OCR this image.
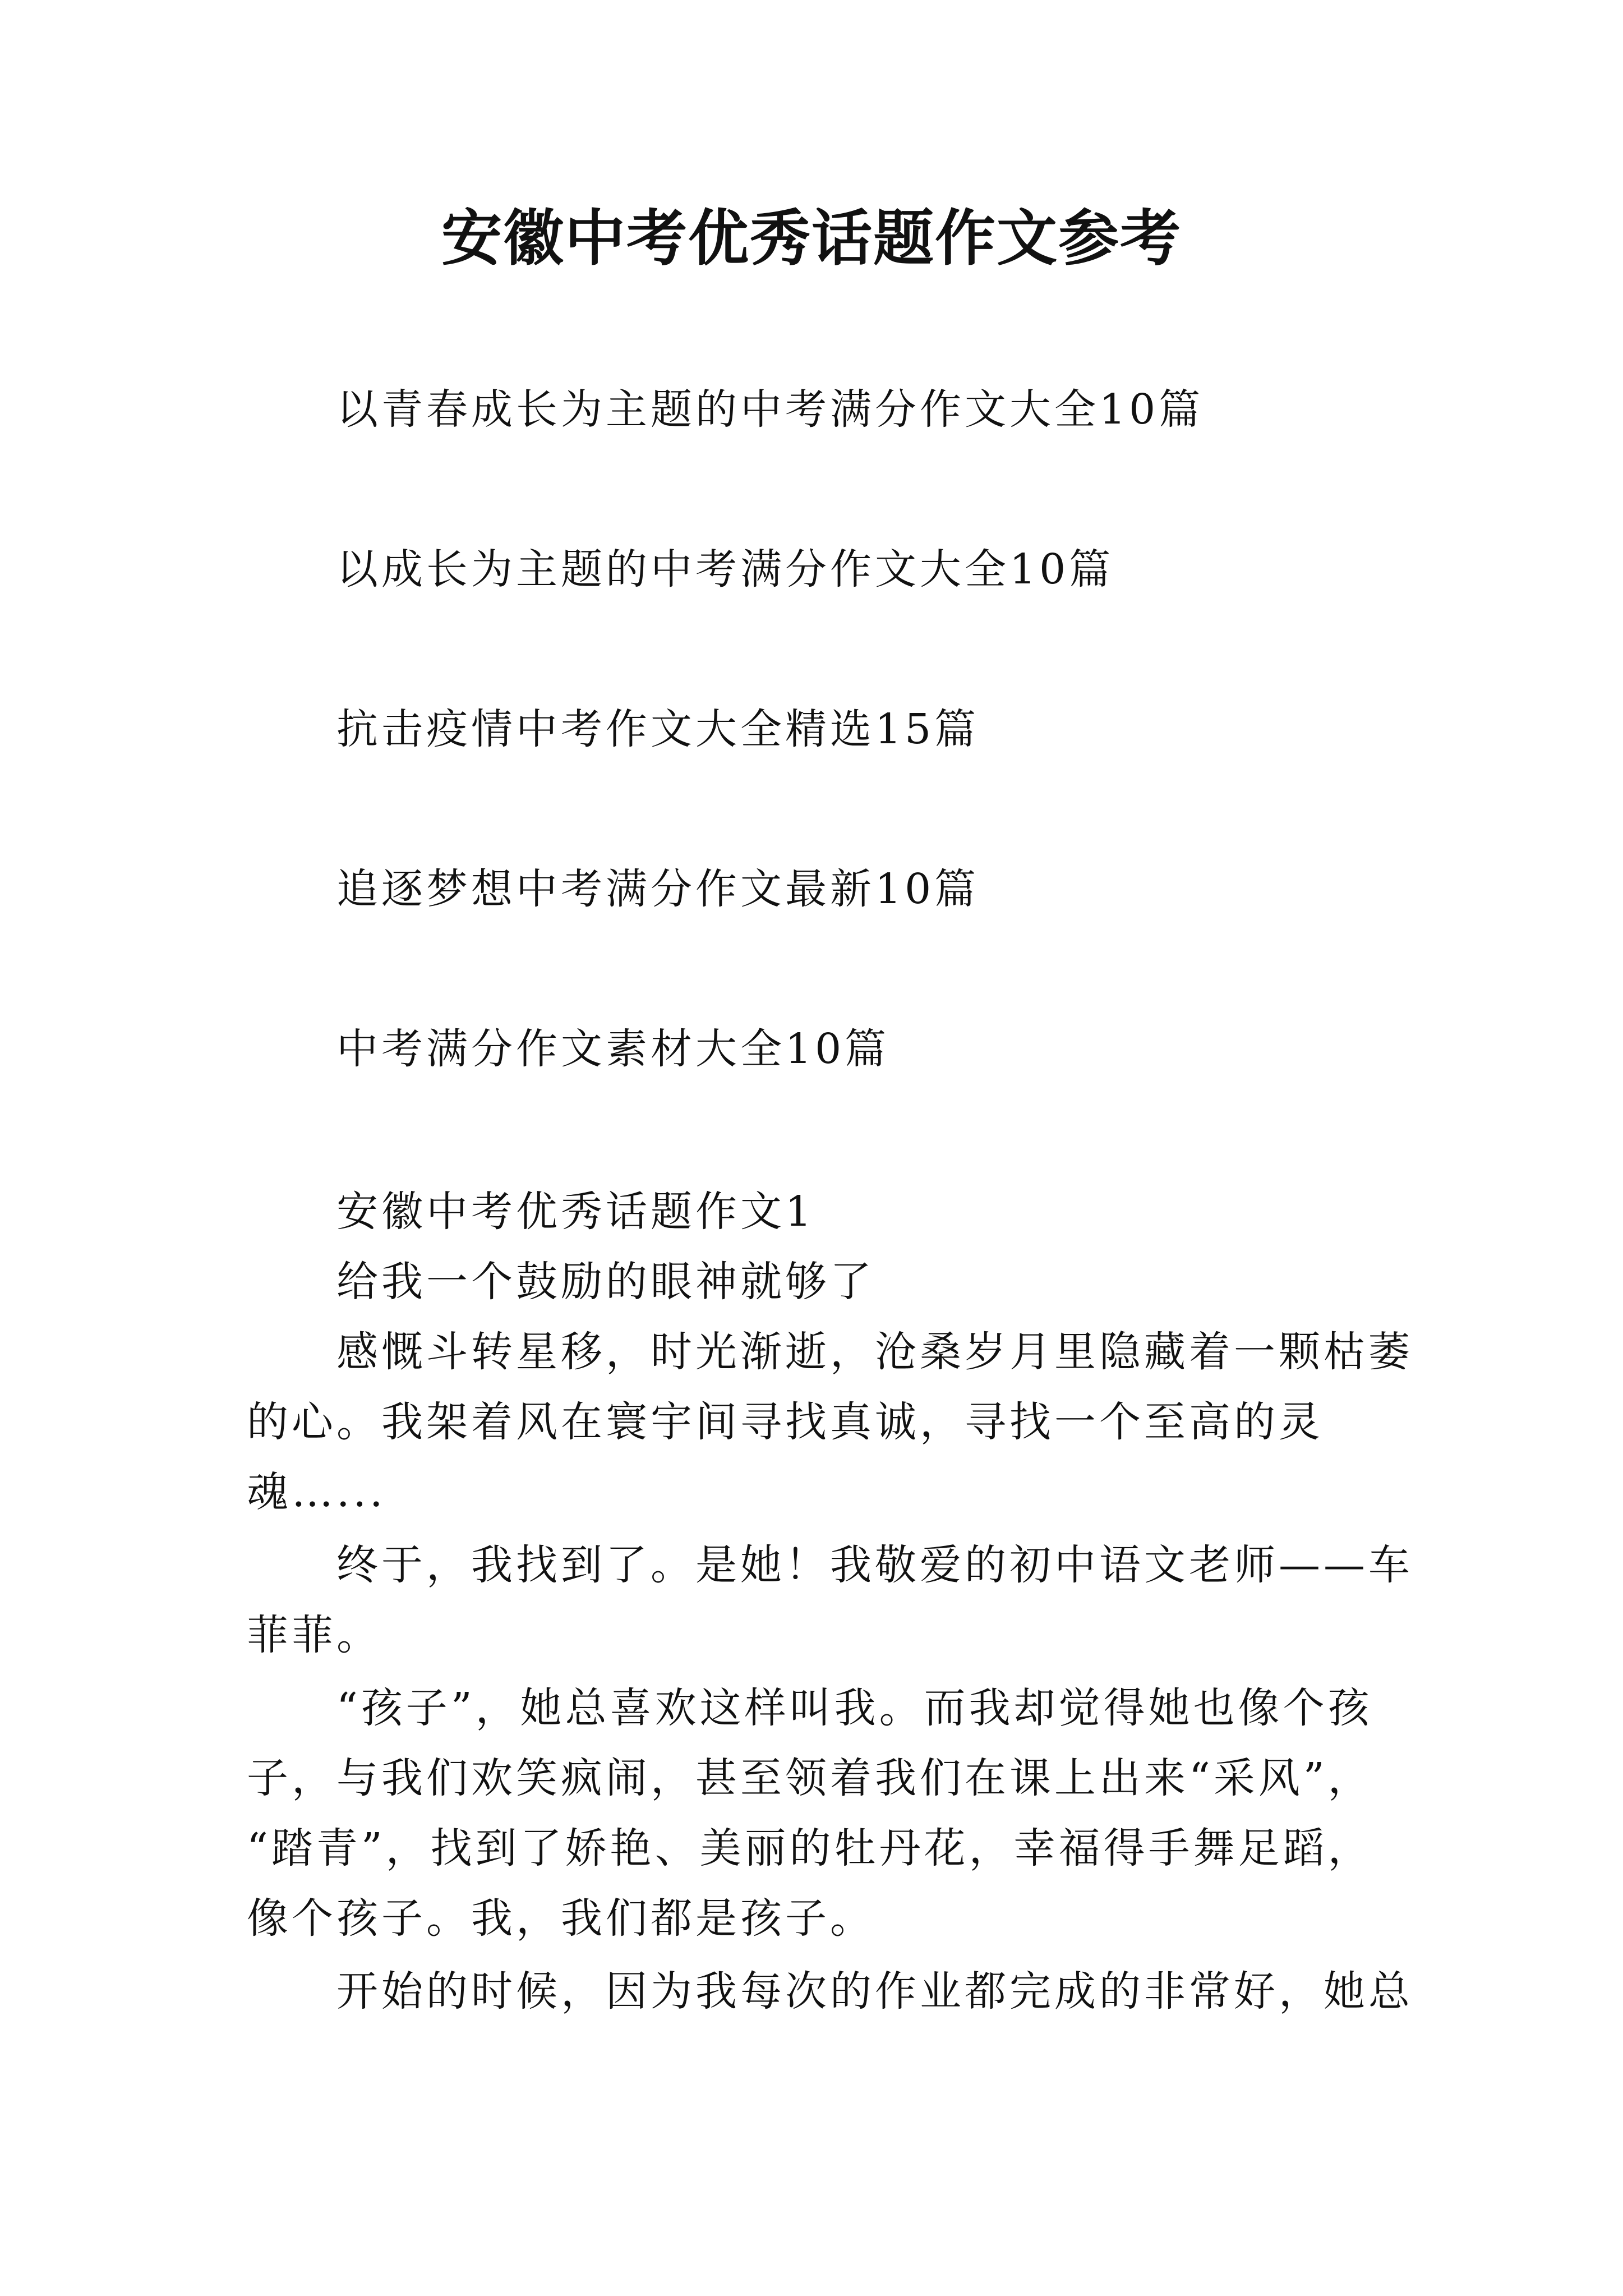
安徽中考优秀话题作文参考
以青春成长为主题的中考满分作文大全10篇
以成长为主题的中考满分作文大全10篇
抗击疫情中考作文大全精选15篇
追逐梦想中考满分作文最新10篇
中考满分作文素材大全10篇
安徽中考优秀话题作文1
给我一个鼓励的眼神就够了
感慨斗转星移，时光渐逝，沧桑岁月里隐藏着一颗枯萎
的心。我架着风在寰宇间寻找真诚，寻找一个至高的灵
魂…...
终于，我找到了。是她！我敬爱的初中语文老师——车
菲菲。
“孩子”，她总喜欢这样叫我。而我却觉得她也像个孩
子，与我们欢笑疯闹，甚至领着我们在课上出来“采风”，
“踏青”，找到了娇艳、美丽的牡丹花，幸福得手舞足蹈，
像个孩子。我，我们都是孩子。
开始的时候，因为我每次的作业都完成的非常好，她总
